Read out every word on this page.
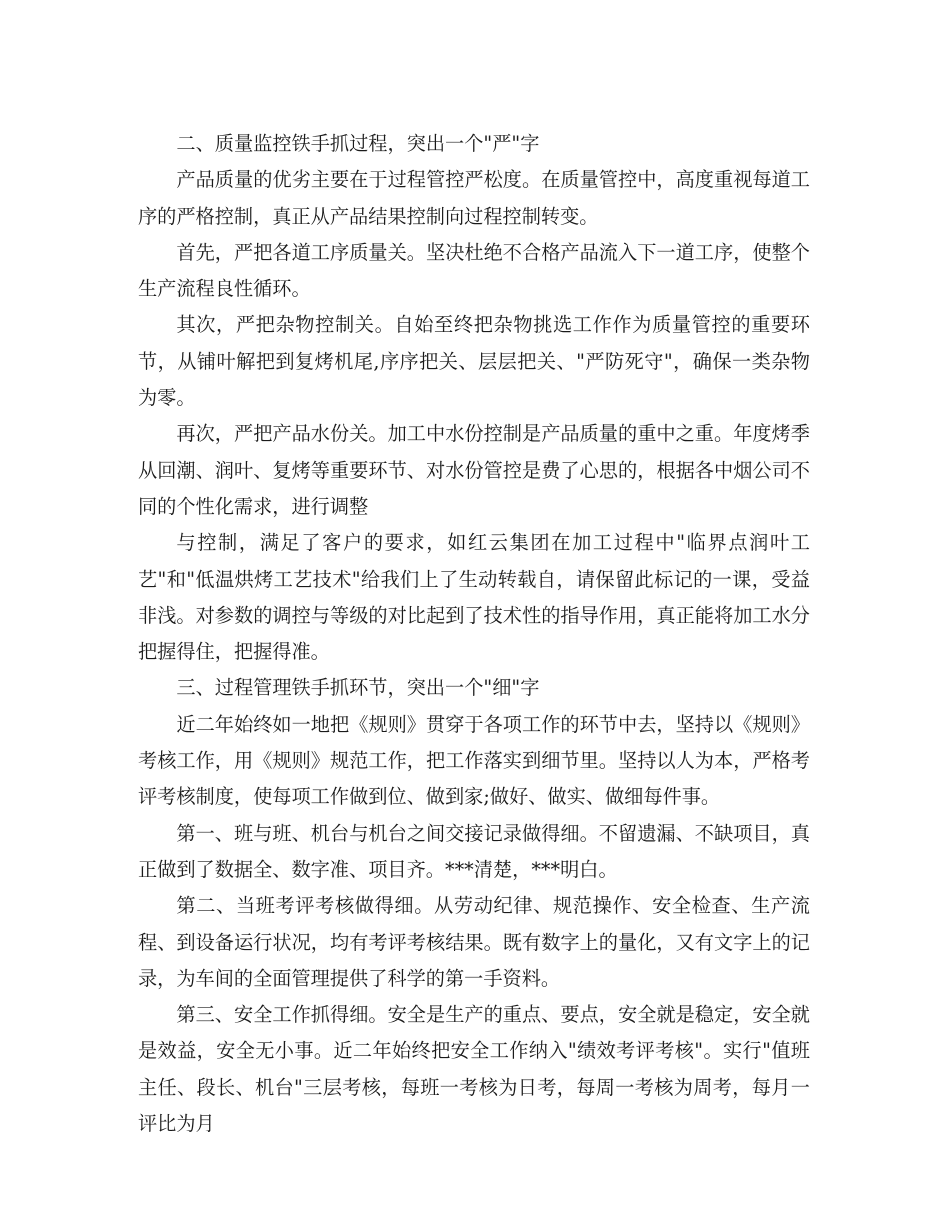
二、质量监控铁手抓过程，突出一个"严"字

产品质量的优劣主要在于过程管控严松度。在质量管控中，高度重视每道工序的严格控制，真正从产品结果控制向过程控制转变。

首先，严把各道工序质量关。坚决杜绝不合格产品流入下一道工序，使整个生产流程良性循环。

其次，严把杂物控制关。自始至终把杂物挑选工作作为质量管控的重要环节，从铺叶解把到复烤机尾,序序把关、层层把关、"严防死守"，确保一类杂物为零。

再次，严把产品水份关。加工中水份控制是产品质量的重中之重。年度烤季从回潮、润叶、复烤等重要环节、对水份管控是费了心思的，根据各中烟公司不同的个性化需求，进行调整

与控制，满足了客户的要求，如红云集团在加工过程中"临界点润叶工艺"和"低温烘烤工艺技术"给我们上了生动转载自，请保留此标记的一课，受益非浅。对参数的调控与等级的对比起到了技术性的指导作用，真正能将加工水分把握得住，把握得准。

三、过程管理铁手抓环节，突出一个"细"字

近二年始终如一地把《规则》贯穿于各项工作的环节中去，坚持以《规则》考核工作，用《规则》规范工作，把工作落实到细节里。坚持以人为本，严格考评考核制度，使每项工作做到位、做到家;做好、做实、做细每件事。

第一、班与班、机台与机台之间交接记录做得细。不留遗漏、不缺项目，真正做到了数据全、数字准、项目齐。***清楚，***明白。

第二、当班考评考核做得细。从劳动纪律、规范操作、安全检查、生产流程、到设备运行状况，均有考评考核结果。既有数字上的量化，又有文字上的记录，为车间的全面管理提供了科学的第一手资料。

第三、安全工作抓得细。安全是生产的重点、要点，安全就是稳定，安全就是效益，安全无小事。近二年始终把安全工作纳入"绩效考评考核"。实行"值班主任、段长、机台"三层考核，每班一考核为日考，每周一考核为周考，每月一评比为月
